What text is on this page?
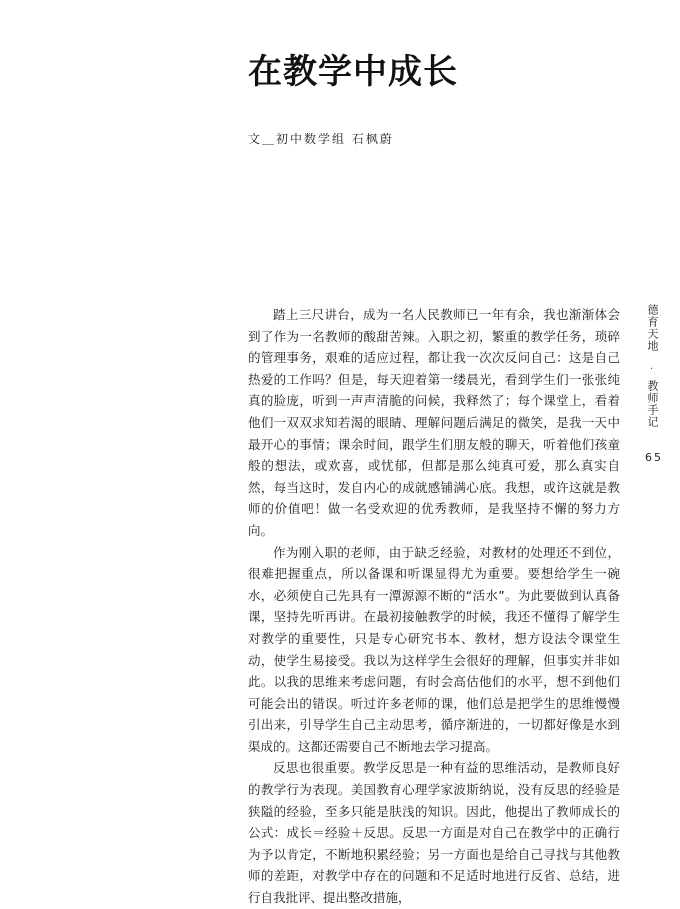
在教学中成长
文＿初中数学组 石枫蔚

踏上三尺讲台，成为一名人民教师已一年有余，我也渐渐体会到了作为一名教师的酸甜苦辣。入职之初，繁重的教学任务，琐碎的管理事务，艰难的适应过程，都让我一次次反问自己：这是自己热爱的工作吗？但是，每天迎着第一缕晨光，看到学生们一张张纯真的脸庞，听到一声声清脆的问候，我释然了；每个课堂上，看着他们一双双求知若渴的眼睛、理解问题后满足的微笑，是我一天中最开心的事情；课余时间，跟学生们朋友般的聊天，听着他们孩童般的想法，或欢喜，或忧郁，但都是那么纯真可爱，那么真实自然，每当这时，发自内心的成就感铺满心底。我想，或许这就是教师的价值吧！做一名受欢迎的优秀教师，是我坚持不懈的努力方向。

作为刚入职的老师，由于缺乏经验，对教材的处理还不到位，很难把握重点，所以备课和听课显得尤为重要。要想给学生一碗水，必须使自己先具有一潭源源不断的“活水”。为此要做到认真备课，坚持先听再讲。在最初接触教学的时候，我还不懂得了解学生对教学的重要性，只是专心研究书本、教材，想方设法令课堂生动，使学生易接受。我以为这样学生会很好的理解，但事实并非如此。以我的思维来考虑问题，有时会高估他们的水平，想不到他们可能会出的错误。听过许多老师的课，他们总是把学生的思维慢慢引出来，引导学生自己主动思考，循序渐进的，一切都好像是水到渠成的。这都还需要自己不断地去学习提高。

反思也很重要。教学反思是一种有益的思维活动，是教师良好的教学行为表现。美国教育心理学家波斯纳说，没有反思的经验是狭隘的经验，至多只能是肤浅的知识。因此，他提出了教师成长的公式：成长＝经验＋反思。反思一方面是对自己在教学中的正确行为予以肯定，不断地积累经验；另一方面也是给自己寻找与其他教师的差距，对教学中存在的问题和不足适时地进行反省、总结，进行自我批评、提出整改措施，

德育天地
·
教师手记
65
